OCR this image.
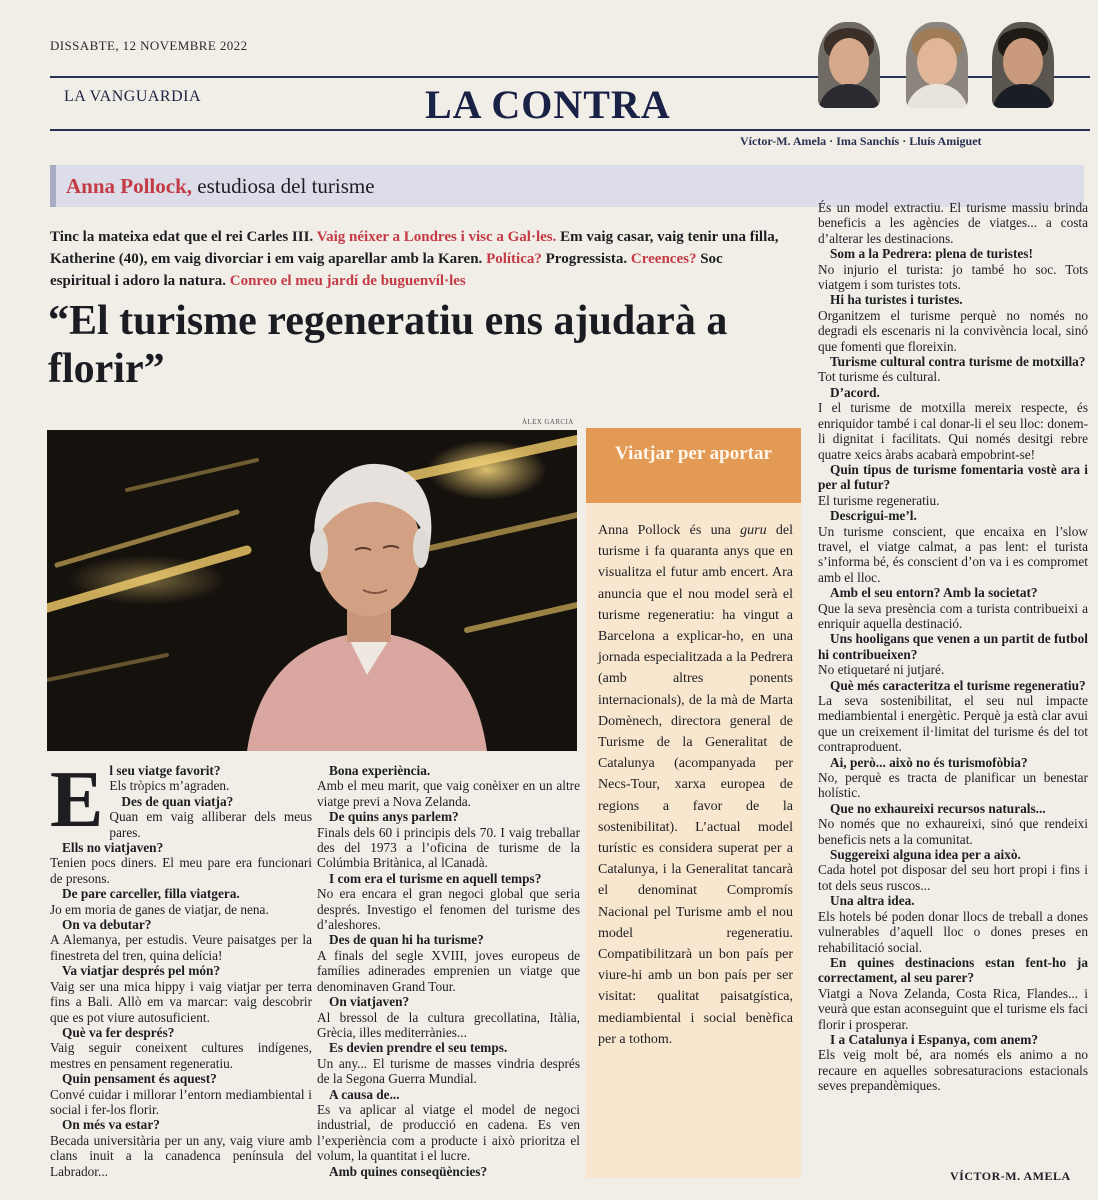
DISSABTE, 12 NOVEMBRE 2022
LA VANGUARDIA	LA CONTRA
Víctor-M. Amela · Ima Sanchís · Lluís Amiguet
Anna Pollock, estudiosa del turisme
Tinc la mateixa edat que el rei Carles III. Vaig néixer a Londres i visc a Gal·les. Em vaig casar, vaig tenir una filla, Katherine (40), em vaig divorciar i em vaig aparellar amb la Karen. Política? Progressista. Creences? Soc espiritual i adoro la natura. Conreo el meu jardí de buguenvíl·les
“El turisme regeneratiu ens ajudarà a florir”
ÀLEX GARCIA
Viatjar per aportar
Anna Pollock és una guru del turisme i fa quaranta anys que en visualitza el futur amb encert. Ara anuncia que el nou model serà el turisme regeneratiu: ha vingut a Barcelona a explicar-ho, en una jornada especialitzada a la Pedrera (amb altres ponents internacionals), de la mà de Marta Domènech, directora general de Turisme de la Generalitat de Catalunya (acompanyada per Necs-Tour, xarxa europea de regions a favor de la sostenibilitat). L’actual model turístic es considera superat per a Catalunya, i la Generalitat tancarà el denominat Compromís Nacional pel Turisme amb el nou model regeneratiu. Compatibilitzarà un bon país per viure-hi amb un bon país per ser visitat: qualitat paisatgística, mediambiental i social benèfica per a tothom.
E l seu viatge favorit?

Els tròpics m’agraden.

Des de quan viatja?

Quan em vaig alliberar dels meus pares.

Ells no viatjaven?

Tenien pocs diners. El meu pare era funcionari de presons.

De pare carceller, filla viatgera.

Jo em moria de ganes de viatjar, de nena.

On va debutar?

A Alemanya, per estudis. Veure paisatges per la finestreta del tren, quina delícia!

Va viatjar després pel món?

Vaig ser una mica hippy i vaig viatjar per terra fins a Bali. Allò em va marcar: vaig descobrir que es pot viure autosuficient.

Què va fer després?

Vaig seguir coneixent cultures indígenes, mestres en pensament regeneratiu.

Quin pensament és aquest?

Convé cuidar i millorar l’entorn mediambiental i social i fer-los florir.

On més va estar?

Becada universitària per un any, vaig viure amb clans inuit a la canadenca península del Labrador...

Bona experiència.

Amb el meu marit, que vaig conèixer en un altre viatge previ a Nova Zelanda.

De quins anys parlem?

Finals dels 60 i principis dels 70. I vaig treballar des del 1973 a l’oficina de turisme de la Colúmbia Britànica, al lCanadà.

I com era el turisme en aquell temps?

No era encara el gran negoci global que seria després. Investigo el fenomen del turisme des d’aleshores.

Des de quan hi ha turisme?

A finals del segle XVIII, joves europeus de famílies adinerades emprenien un viatge que denominaven Grand Tour.

On viatjaven?

Al bressol de la cultura grecollatina, Itàlia, Grècia, illes mediterrànies...

Es devien prendre el seu temps.

Un any... El turisme de masses vindria després de la Segona Guerra Mundial.

A causa de...

Es va aplicar al viatge el model de negoci industrial, de producció en cadena. Es ven l’experiència com a producte i això prioritza el volum, la quantitat i el lucre.

Amb quines conseqüències?

És un model extractiu. El turisme massiu brinda beneficis a les agències de viatges... a costa d’alterar les destinacions.

Som a la Pedrera: plena de turistes!

No injurio el turista: jo també ho soc. Tots viatgem i som turistes tots.

Hi ha turistes i turistes.

Organitzem el turisme perquè no només no degradi els escenaris ni la convivència local, sinó que fomenti que floreixin.

Turisme cultural contra turisme de motxilla?

Tot turisme és cultural.

D’acord.

I el turisme de motxilla mereix respecte, és enriquidor també i cal donar-li el seu lloc: donem-li dignitat i facilitats. Qui només desitgi rebre quatre xeics àrabs acabarà empobrint-se!

Quin tipus de turisme fomentaria vostè ara i per al futur?

El turisme regeneratiu.

Descrigui-me’l.

Un turisme conscient, que encaixa en l’slow travel, el viatge calmat, a pas lent: el turista s’informa bé, és conscient d’on va i es compromet amb el lloc.

Amb el seu entorn? Amb la societat?

Que la seva presència com a turista contribueixi a enriquir aquella destinació.

Uns hooligans que venen a un partit de futbol hi contribueixen?

No etiquetaré ni jutjaré.

Què més caracteritza el turisme regeneratiu?

La seva sostenibilitat, el seu nul impacte mediambiental i energètic. Perquè ja està clar avui que un creixement il·limitat del turisme és del tot contraproduent.

Ai, però... això no és turismofòbia?

No, perquè es tracta de planificar un benestar holístic.

Que no exhaureixi recursos naturals...

No només que no exhaureixi, sinó que rendeixi beneficis nets a la comunitat.

Suggereixi alguna idea per a això.

Cada hotel pot disposar del seu hort propi i fins i tot dels seus ruscos...

Una altra idea.

Els hotels bé poden donar llocs de treball a dones vulnerables d’aquell lloc o dones preses en rehabilitació social.

En quines destinacions estan fent-ho ja correctament, al seu parer?

Viatgi a Nova Zelanda, Costa Rica, Flandes... i veurà que estan aconseguint que el turisme els faci florir i prosperar.

I a Catalunya i Espanya, com anem?

Els veig molt bé, ara només els animo a no recaure en aquelles sobresaturacions estacionals seves prepandèmiques.

VÍCTOR-M. AMELA
